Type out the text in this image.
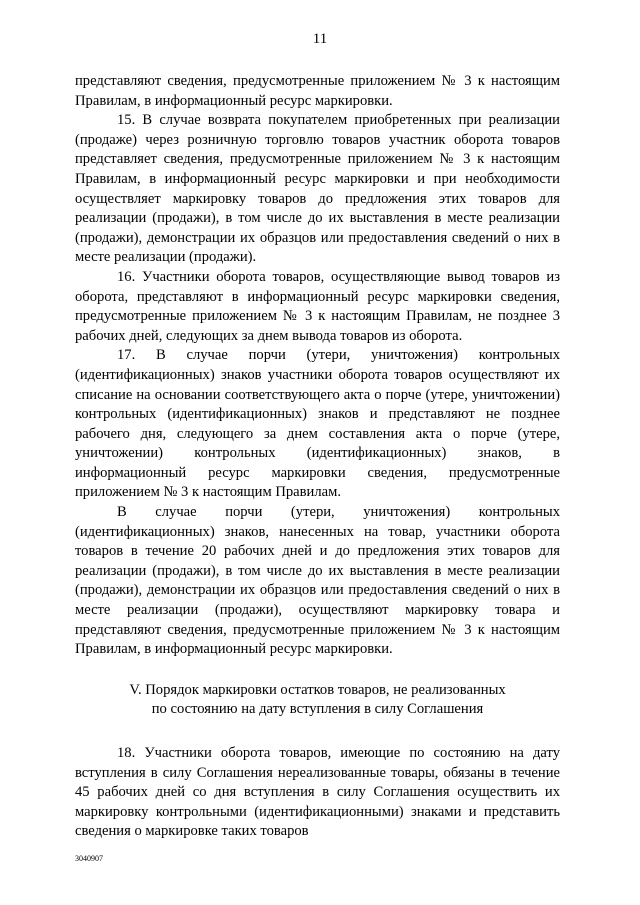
11

представляют сведения, предусмотренные приложением № 3 к настоящим Правилам, в информационный ресурс маркировки.

15. В случае возврата покупателем приобретенных при реализации (продаже) через розничную торговлю товаров участник оборота товаров представляет сведения, предусмотренные приложением № 3 к настоящим Правилам, в информационный ресурс маркировки и при необходимости осуществляет маркировку товаров до предложения этих товаров для реализации (продажи), в том числе до их выставления в месте реализации (продажи), демонстрации их образцов или предоставления сведений о них в месте реализации (продажи).

16. Участники оборота товаров, осуществляющие вывод товаров из оборота, представляют в информационный ресурс маркировки сведения, предусмотренные приложением № 3 к настоящим Правилам, не позднее 3 рабочих дней, следующих за днем вывода товаров из оборота.

17. В случае порчи (утери, уничтожения) контрольных (идентификационных) знаков участники оборота товаров осуществляют их списание на основании соответствующего акта о порче (утере, уничтожении) контрольных (идентификационных) знаков и представляют не позднее рабочего дня, следующего за днем составления акта о порче (утере, уничтожении) контрольных (идентификационных) знаков, в информационный ресурс маркировки сведения, предусмотренные приложением № 3 к настоящим Правилам.

В случае порчи (утери, уничтожения) контрольных (идентификационных) знаков, нанесенных на товар, участники оборота товаров в течение 20 рабочих дней и до предложения этих товаров для реализации (продажи), в том числе до их выставления в месте реализации (продажи), демонстрации их образцов или предоставления сведений о них в месте реализации (продажи), осуществляют маркировку товара и представляют сведения, предусмотренные приложением № 3 к настоящим Правилам, в информационный ресурс маркировки.

V. Порядок маркировки остатков товаров, не реализованных
по состоянию на дату вступления в силу Соглашения

18. Участники оборота товаров, имеющие по состоянию на дату вступления в силу Соглашения нереализованные товары, обязаны в течение 45 рабочих дней со дня вступления в силу Соглашения осуществить их маркировку контрольными (идентификационными) знаками и представить сведения о маркировке таких товаров

3040907
